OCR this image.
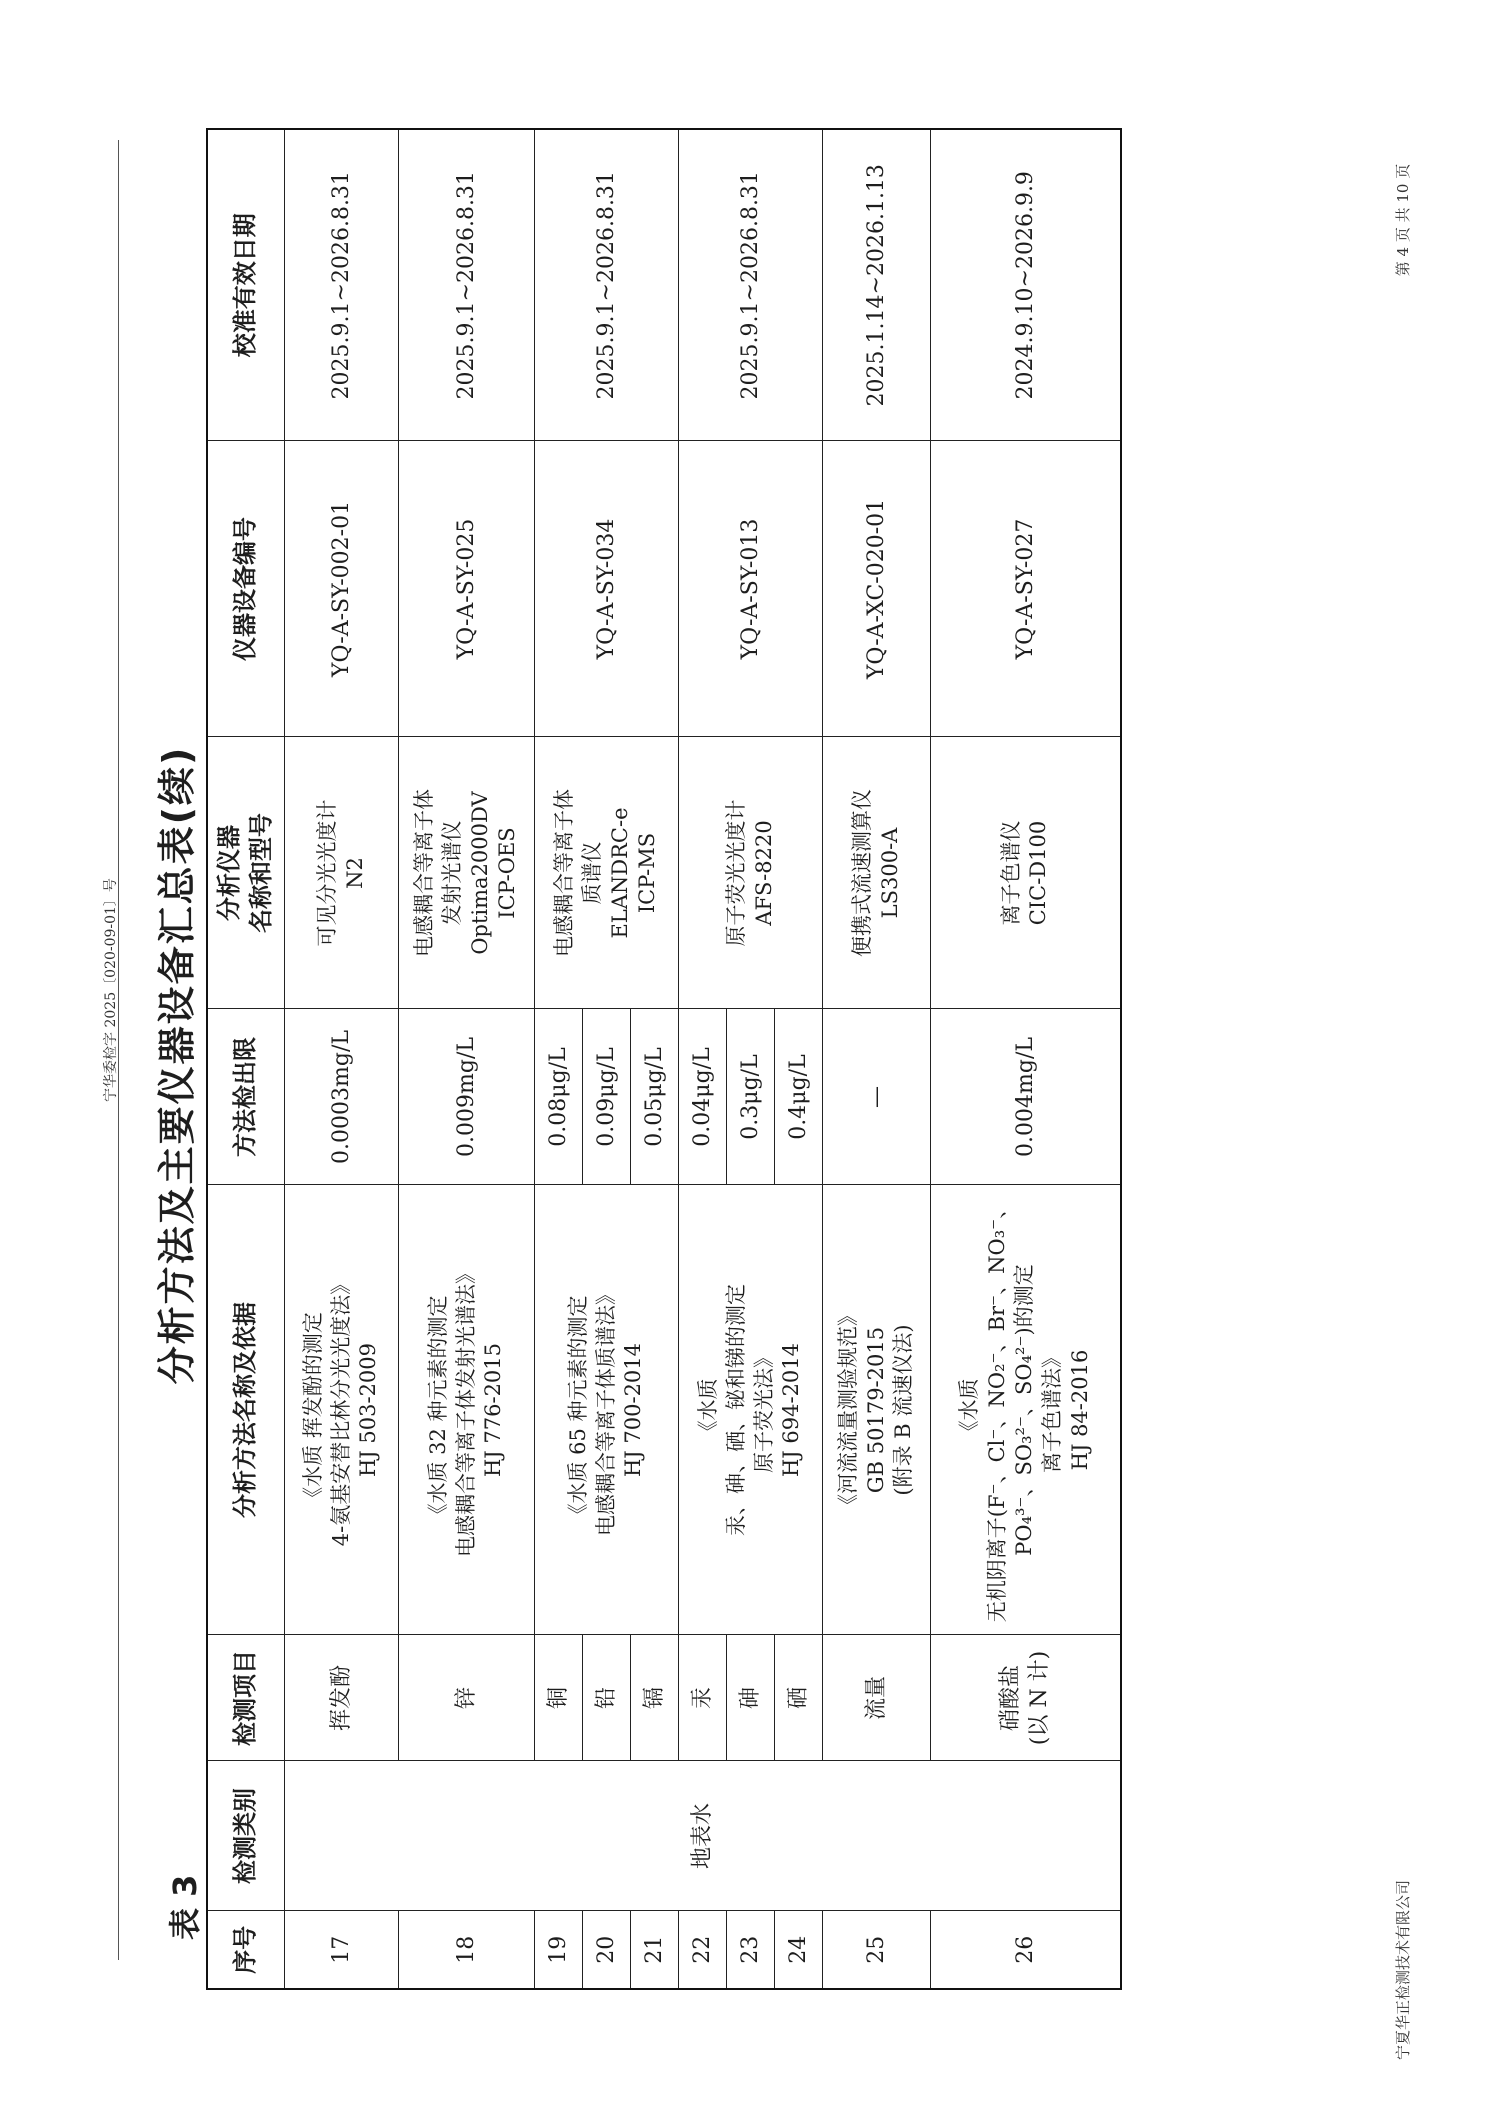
宁华委检字 2025〔020-09-01〕号
宁夏华正检测技术有限公司
第 4 页 共 10 页
表 3
分析方法及主要仪器设备汇总表(续)
序号	检测类别	检测项目	分析方法名称及依据	方法检出限	分析仪器 名称和型号	仪器设备编号	校准有效日期
17	地表水	挥发酚	《水质 挥发酚的测定 4-氨基安替比林分光光度法》 HJ 503-2009	0.0003mg/L	可见分光光度计 N2	YQ-A-SY-002-01	2025.9.1~2026.8.31
18		锌	《水质 32 种元素的测定 电感耦合等离子体发射光谱法》 HJ 776-2015	0.009mg/L	电感耦合等离子体 发射光谱仪 Optima2000DV ICP-OES	YQ-A-SY-025	2025.9.1~2026.8.31
19		铜	《水质 65 种元素的测定 电感耦合等离子体质谱法》 HJ 700-2014	0.08μg/L	电感耦合等离子体 质谱仪 ELANDRC-e ICP-MS	YQ-A-SY-034	2025.9.1~2026.8.31
20		铅		0.09μg/L			
21		镉		0.05μg/L			
22		汞	《水质 汞、砷、硒、铋和锑的测定 原子荧光法》 HJ 694-2014	0.04μg/L	原子荧光光度计 AFS-8220	YQ-A-SY-013	2025.9.1~2026.8.31
23		砷		0.3μg/L			
24		硒		0.4μg/L			
25		流量	《河流流量测验规范》 GB 50179-2015 (附录 B 流速仪法)	—	便携式流速测算仪 LS300-A	YQ-A-XC-020-01	2025.1.14~2026.1.13
26		硝酸盐 (以 N 计)	《水质 无机阴离子(F⁻、Cl⁻、NO₂⁻、Br⁻、NO₃⁻、 PO₄³⁻、SO₃²⁻、SO₄²⁻)的测定 离子色谱法》 HJ 84-2016	0.004mg/L	离子色谱仪 CIC-D100	YQ-A-SY-027	2024.9.10~2026.9.9
